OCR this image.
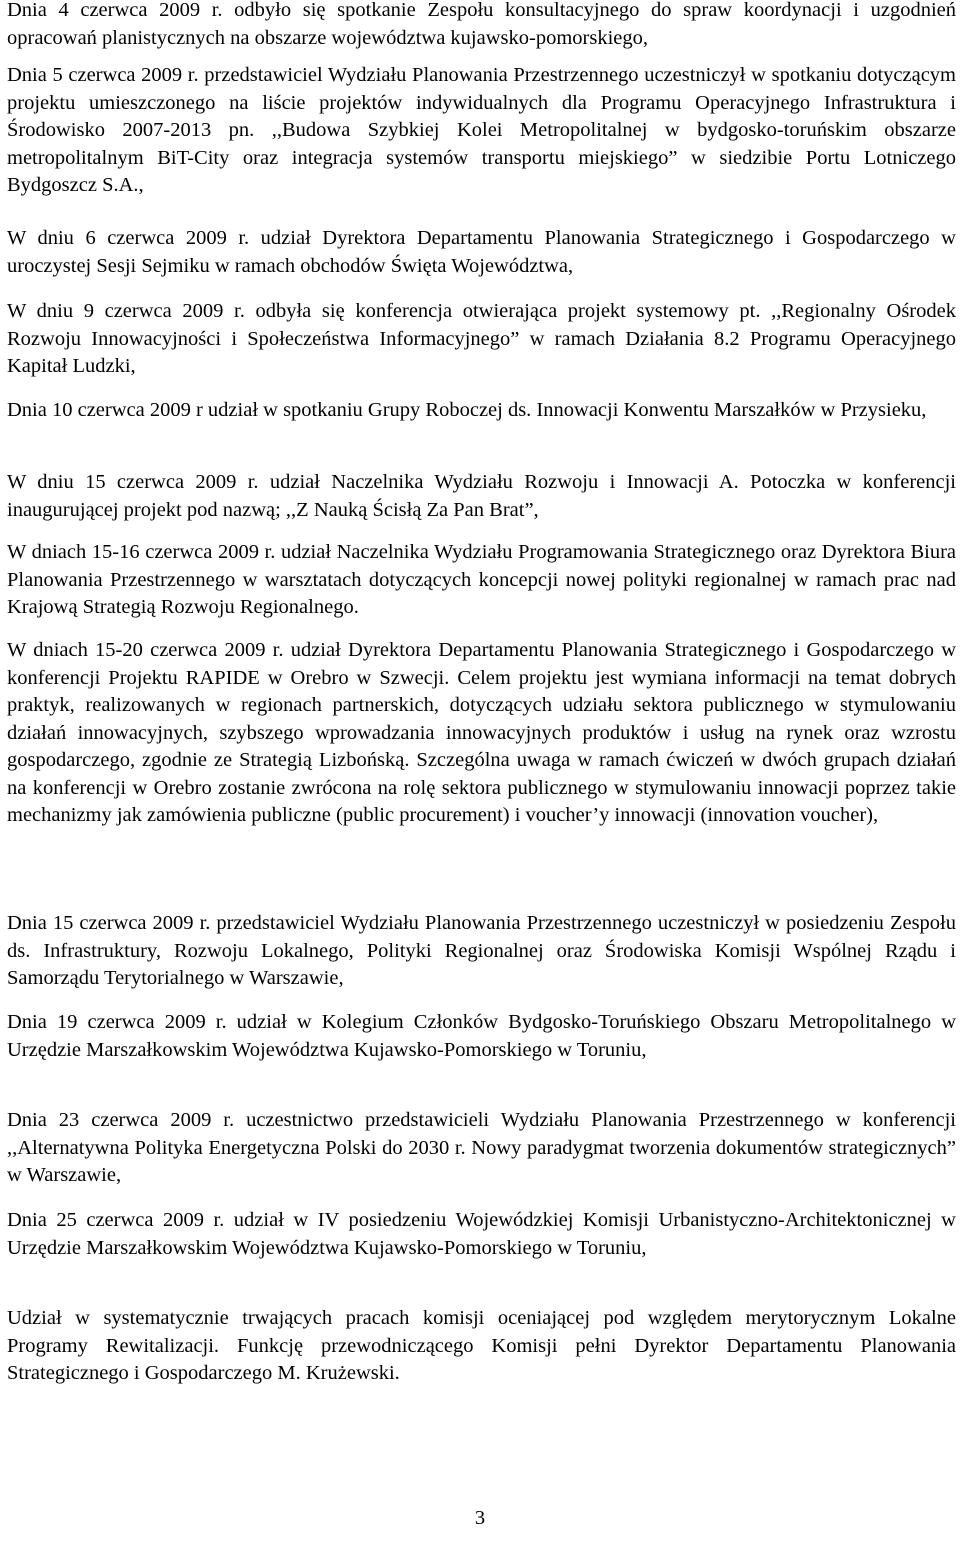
Dnia 4 czerwca 2009 r. odbyło się spotkanie Zespołu konsultacyjnego do spraw koordynacji i uzgodnień opracowań planistycznych na obszarze województwa kujawsko-pomorskiego,

Dnia 5 czerwca 2009 r. przedstawiciel Wydziału Planowania Przestrzennego uczestniczył w spotkaniu dotyczącym projektu umieszczonego na liście projektów indywidualnych dla Programu Operacyjnego Infrastruktura i Środowisko 2007-2013 pn. ,,Budowa Szybkiej Kolei Metropolitalnej w bydgosko-toruńskim obszarze metropolitalnym BiT-City oraz integracja systemów transportu miejskiego” w siedzibie Portu Lotniczego Bydgoszcz S.A.,

W dniu 6 czerwca 2009 r. udział Dyrektora Departamentu Planowania Strategicznego i Gospodarczego w uroczystej Sesji Sejmiku w ramach obchodów Święta Województwa,

W dniu 9 czerwca 2009 r. odbyła się konferencja otwierająca projekt systemowy pt. ,,Regionalny Ośrodek Rozwoju Innowacyjności i Społeczeństwa Informacyjnego” w ramach Działania 8.2 Programu Operacyjnego Kapitał Ludzki,

Dnia 10 czerwca 2009 r udział w spotkaniu Grupy Roboczej ds. Innowacji Konwentu Marszałków w Przysieku,

W dniu 15 czerwca 2009 r. udział Naczelnika Wydziału Rozwoju i Innowacji A. Potoczka w konferencji inaugurującej projekt pod nazwą; ,,Z Nauką Ścisłą Za Pan Brat”,

W dniach 15-16 czerwca 2009 r. udział Naczelnika Wydziału Programowania Strategicznego oraz Dyrektora Biura Planowania Przestrzennego w warsztatach dotyczących koncepcji nowej polityki regionalnej w ramach prac nad Krajową Strategią Rozwoju Regionalnego.

W dniach 15-20 czerwca 2009 r. udział Dyrektora Departamentu Planowania Strategicznego i Gospodarczego w konferencji Projektu RAPIDE w Orebro w Szwecji. Celem projektu jest wymiana informacji na temat dobrych praktyk, realizowanych w regionach partnerskich, dotyczących udziału sektora publicznego w stymulowaniu działań innowacyjnych, szybszego wprowadzania innowacyjnych produktów i usług na rynek oraz wzrostu gospodarczego, zgodnie ze Strategią Lizbońską. Szczególna uwaga w ramach ćwiczeń w dwóch grupach działań na konferencji w Orebro zostanie zwrócona na rolę sektora publicznego w stymulowaniu innowacji poprzez takie mechanizmy jak zamówienia publiczne (public procurement) i voucher’y innowacji (innovation voucher),

Dnia 15 czerwca 2009 r. przedstawiciel Wydziału Planowania Przestrzennego uczestniczył w posiedzeniu Zespołu ds. Infrastruktury, Rozwoju Lokalnego, Polityki Regionalnej oraz Środowiska Komisji Wspólnej Rządu i Samorządu Terytorialnego w Warszawie,

Dnia 19 czerwca 2009 r. udział w Kolegium Członków Bydgosko-Toruńskiego Obszaru Metropolitalnego w Urzędzie Marszałkowskim Województwa Kujawsko-Pomorskiego w Toruniu,

Dnia 23 czerwca 2009 r. uczestnictwo przedstawicieli Wydziału Planowania Przestrzennego w konferencji ,,Alternatywna Polityka Energetyczna Polski do 2030 r. Nowy paradygmat tworzenia dokumentów strategicznych” w Warszawie,

Dnia 25 czerwca 2009 r. udział w IV posiedzeniu Wojewódzkiej Komisji Urbanistyczno-Architektonicznej w Urzędzie Marszałkowskim Województwa Kujawsko-Pomorskiego w Toruniu,

Udział w systematycznie trwających pracach komisji oceniającej pod względem merytorycznym Lokalne Programy Rewitalizacji. Funkcję przewodniczącego Komisji pełni Dyrektor Departamentu Planowania Strategicznego i Gospodarczego M. Krużewski.

3
